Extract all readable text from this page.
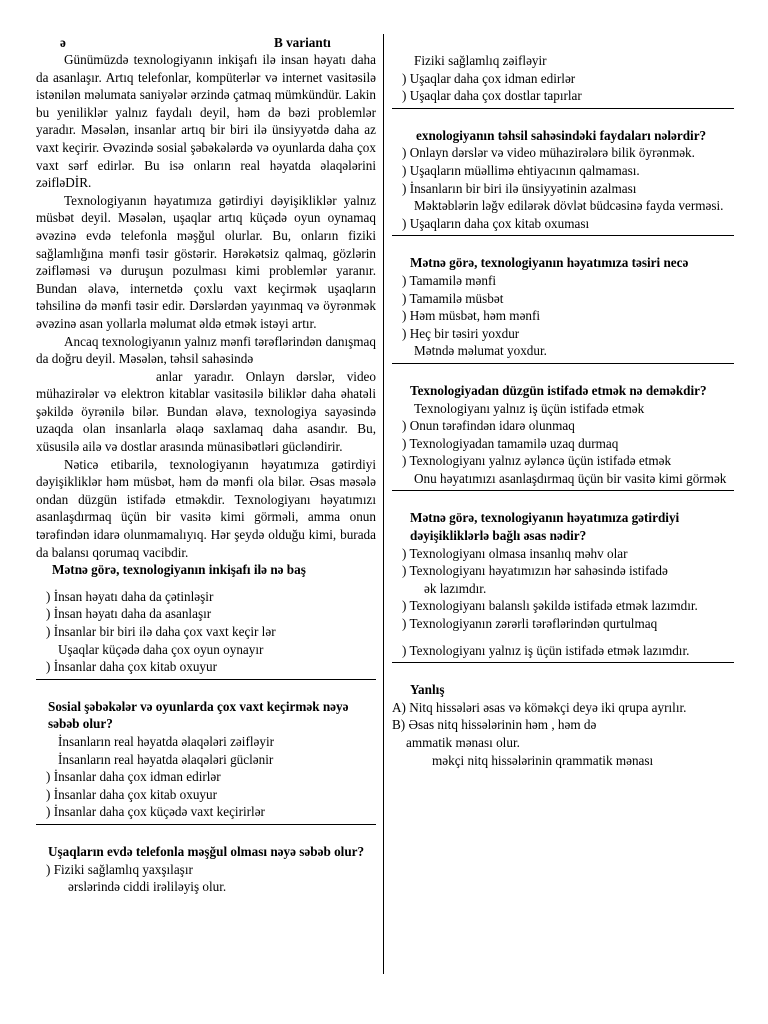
ə	B variantı

Günümüzdə texnologiyanın inkişafı ilə insan həyatı daha da asanlaşır. Artıq telefonlar, kompüterlər və internet vasitəsilə istənilən məlumata saniyələr ərzində çatmaq mümkündür. Lakin bu yeniliklər yalnız faydalı deyil, həm də bəzi problemlər yaradır. Məsələn, insanlar artıq bir biri ilə ünsiyyətdə daha az vaxt keçirir. Əvəzində sosial şəbəkələrdə və oyunlarda daha çox vaxt sərf edirlər. Bu isə onların real həyatda əlaqələrini zəifləDİR.

Texnologiyanın həyatımıza gətirdiyi dəyişikliklər yalnız müsbət deyil. Məsələn, uşaqlar artıq küçədə oyun oynamaq əvəzinə evdə telefonla məşğul olurlar. Bu, onların fiziki sağlamlığına mənfi təsir göstərir. Hərəkətsiz qalmaq, gözlərin zəifləməsi və duruşun pozulması kimi problemlər yaranır. Bundan əlavə, internetdə çoxlu vaxt keçirmək uşaqların təhsilinə də mənfi təsir edir. Dərslərdən yayınmaq və öyrənmək əvəzinə asan yollarla məlumat əldə etmək istəyi artır.

Ancaq texnologiyanın yalnız mənfi tərəflərindən danışmaq da doğru deyil. Məsələn, təhsil sahəsində

anlar yaradır. Onlayn dərslər, video mühazirələr və elektron kitablar vasitəsilə biliklər daha əhatəli şəkildə öyrənilə bilər. Bundan əlavə, texnologiya sayəsində uzaqda olan insanlarla əlaqə saxlamaq daha asandır. Bu, xüsusilə ailə və dostlar arasında münasibətləri gücləndirir.

Nəticə etibarilə, texnologiyanın həyatımıza gətirdiyi dəyişikliklər həm müsbət, həm də mənfi ola bilər. Əsas məsələ ondan düzgün istifadə etməkdir. Texnologiyanı həyatımızı asanlaşdırmaq üçün bir vasitə kimi görməli, amma onun tərəfindən idarə olunmamalıyıq. Hər şeydə olduğu kimi, burada da balansı qorumaq vacibdir.

Mətnə görə, texnologiyanın inkişafı ilə nə baş

) İnsan həyatı daha da çətinləşir

) İnsan həyatı daha da asanlaşır

) İnsanlar bir biri ilə daha çox vaxt keçir lər

Uşaqlar küçədə daha çox oyun oynayır

) İnsanlar daha çox kitab oxuyur

Sosial şəbəkələr və oyunlarda çox vaxt keçirmək nəyə səbəb olur?

İnsanların real həyatda əlaqələri zəifləyir

İnsanların real həyatda əlaqələri güclənir

) İnsanlar daha çox idman edirlər

) İnsanlar daha çox kitab oxuyur

) İnsanlar daha çox küçədə vaxt keçirirlər

Uşaqların evdə telefonla məşğul olması nəyə səbəb olur?

) Fiziki sağlamlıq yaxşılaşır

ərslərində ciddi irəliləyiş olur.

Fiziki sağlamlıq zəifləyir

) Uşaqlar daha çox idman edirlər

) Uşaqlar daha çox dostlar tapırlar

exnologiyanın təhsil sahəsindəki faydaları nələrdir?

) Onlayn dərslər və video mühazirələrə bilik öyrənmək.

) Uşaqların müəllimə ehtiyacının qalmaması.

) İnsanların bir biri ilə ünsiyyətinin azalması

Məktəblərin ləğv edilərək dövlət büdcəsinə fayda verməsi.

) Uşaqların daha çox kitab oxuması

Mətnə görə, texnologiyanın həyatımıza təsiri necə

) Tamamilə mənfi

) Tamamilə müsbət

) Həm müsbət, həm mənfi

) Heç bir təsiri yoxdur

Mətndə məlumat yoxdur.

Texnologiyadan düzgün istifadə etmək nə deməkdir?

Texnologiyanı yalnız iş üçün istifadə etmək

) Onun tərəfindən idarə olunmaq

) Texnologiyadan tamamilə uzaq durmaq

) Texnologiyanı yalnız əyləncə üçün istifadə etmək

Onu həyatımızı asanlaşdırmaq üçün bir vasitə kimi görmək

Mətnə görə, texnologiyanın həyatımıza gətirdiyi dəyişikliklərlə bağlı əsas nədir?

) Texnologiyanı olmasa insanlıq məhv olar

) Texnologiyanı həyatımızın hər sahəsində istifadə

ək lazımdır.

) Texnologiyanı balanslı şəkildə istifadə etmək lazımdır.

) Texnologiyanın zərərli tərəflərindən qurtulmaq

) Texnologiyanı yalnız iş üçün istifadə etmək lazımdır.

Yanlış

A) Nitq hissələri əsas və köməkçi deyə iki qrupa ayrılır.

B) Əsas nitq hissələrinin həm , həm də

ammatik mənası olur.

məkçi nitq hissələrinin qrammatik mənası
